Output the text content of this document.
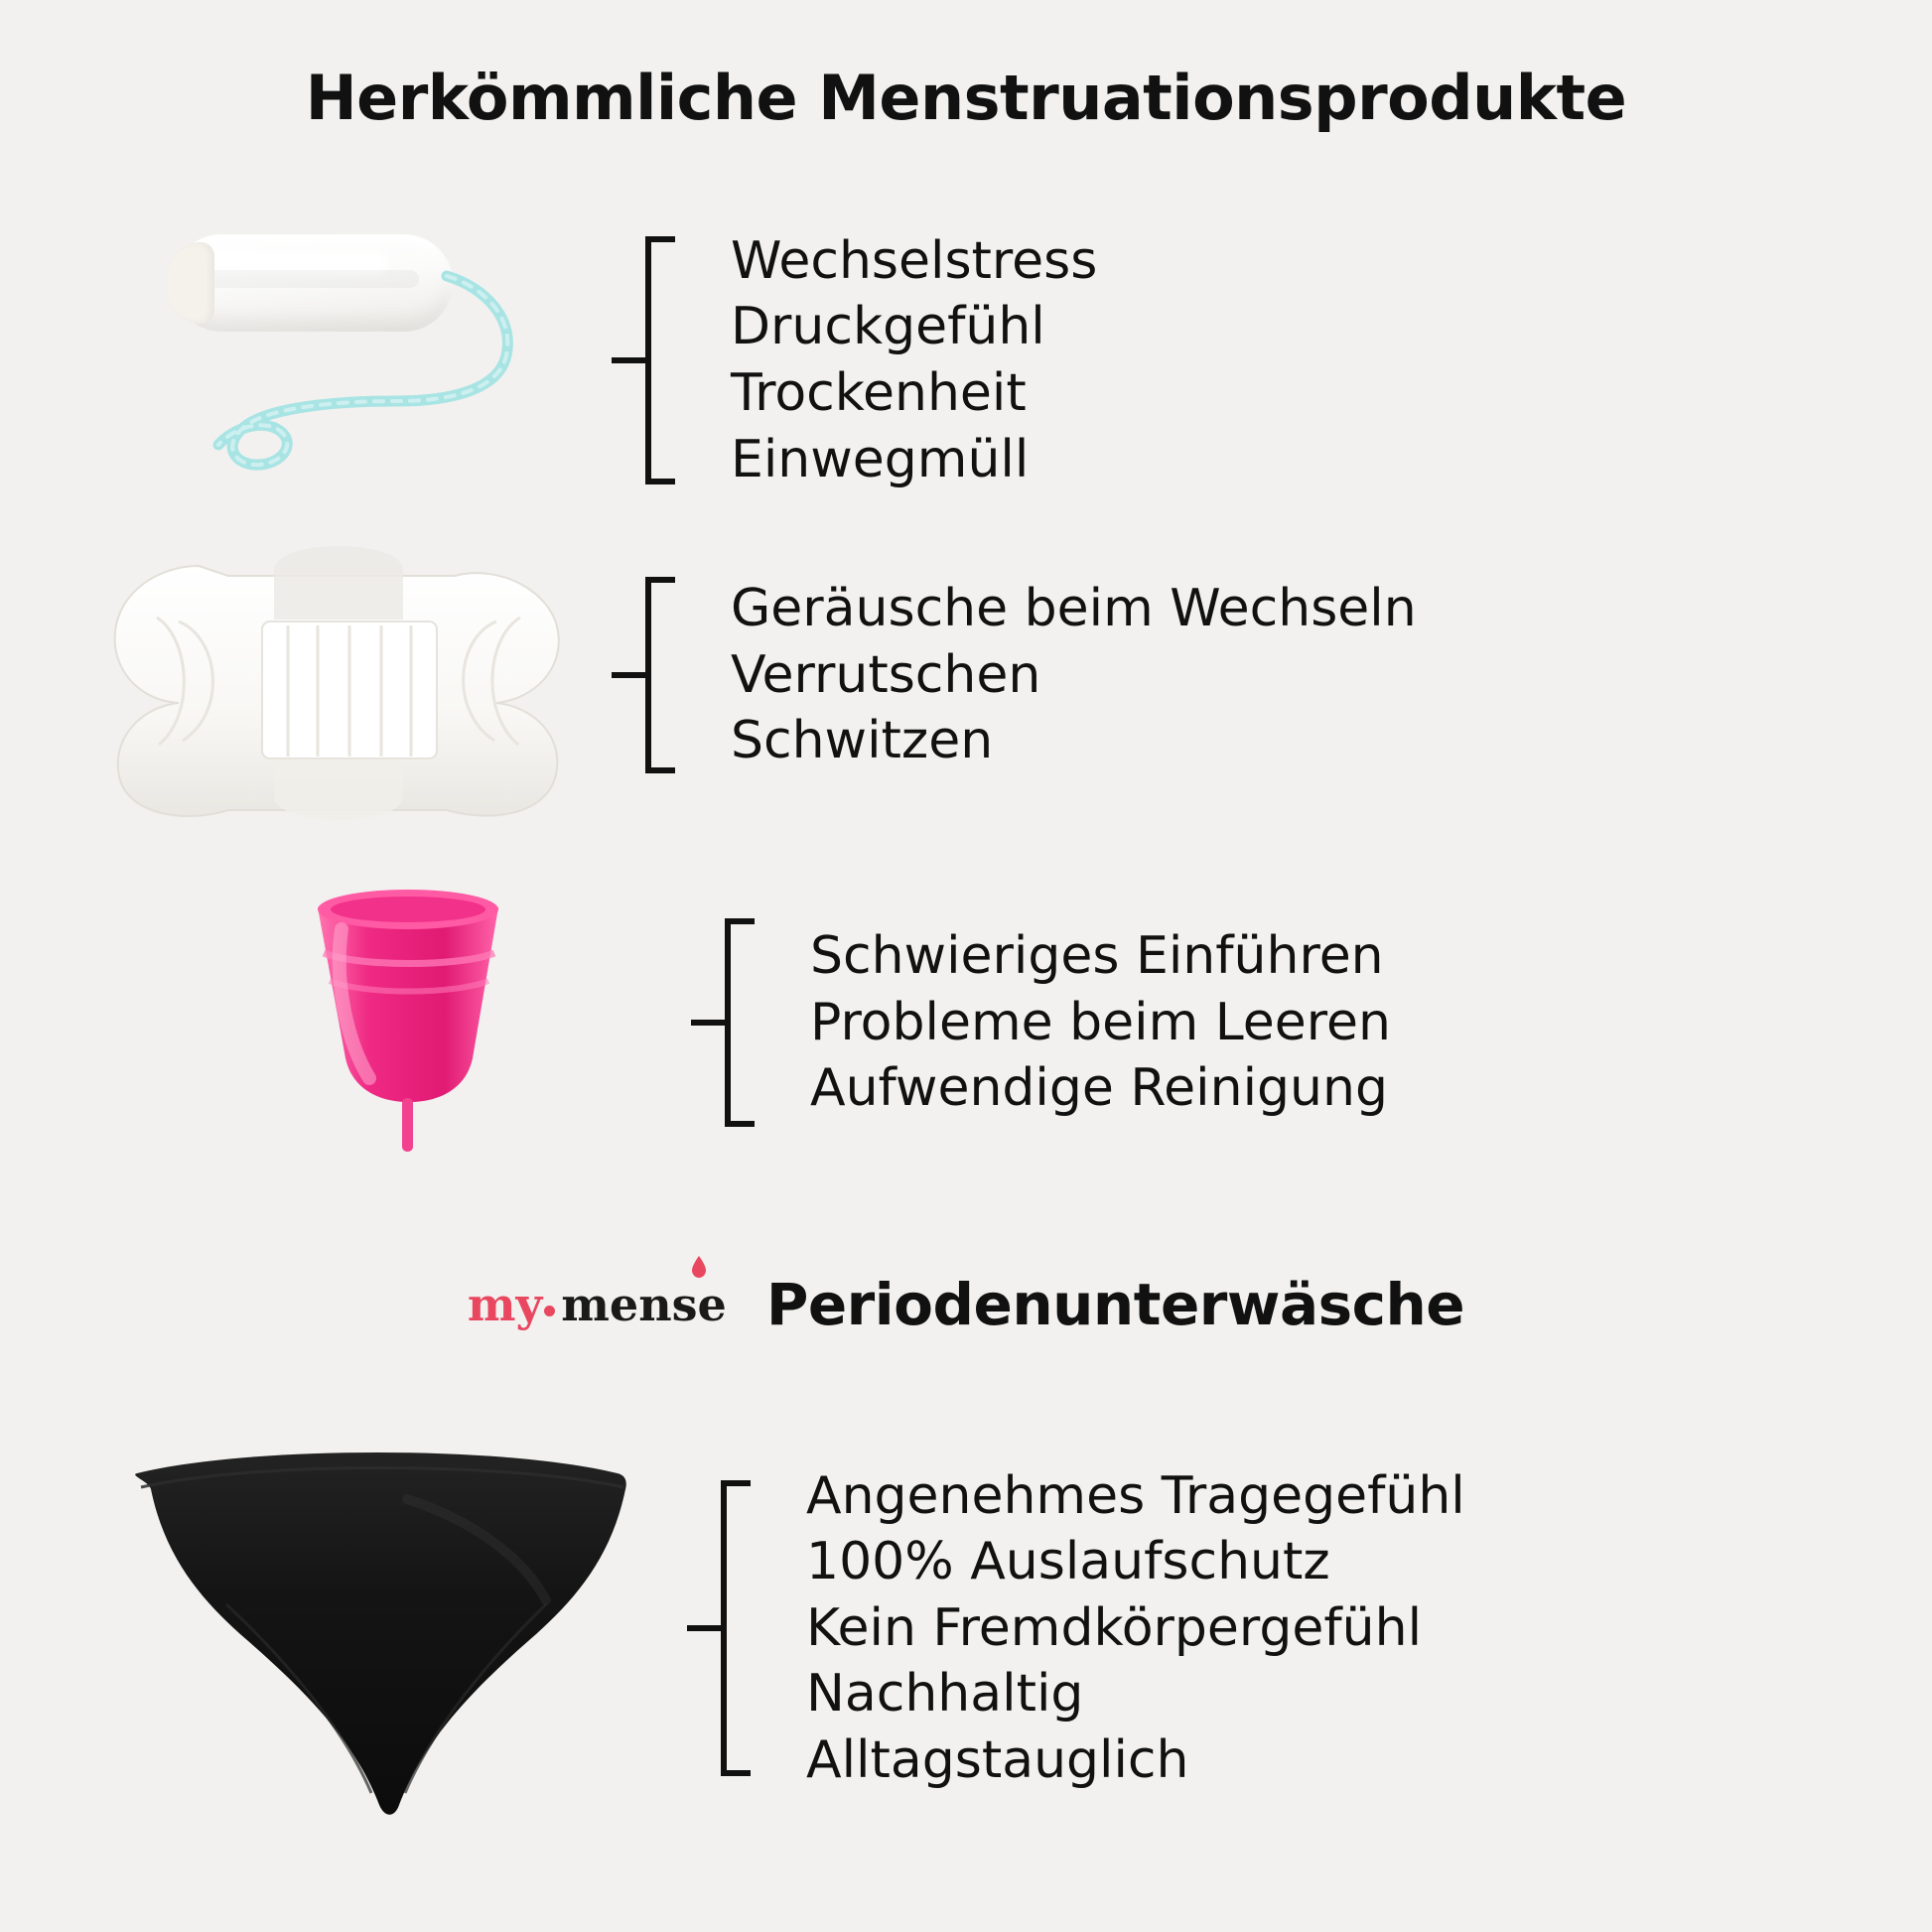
Herkömmliche Menstruationsprodukte
Wechselstress
Druckgefühl
Trockenheit
Einwegmüll
Geräusche beim Wechseln
Verrutschen
Schwitzen
Schwieriges Einführen
Probleme beim Leeren
Aufwendige Reinigung
my men se Periodenunterwäsche
Angenehmes Tragegefühl
100% Auslaufschutz
Kein Fremdkörpergefühl
Nachhaltig
Alltagstauglich
